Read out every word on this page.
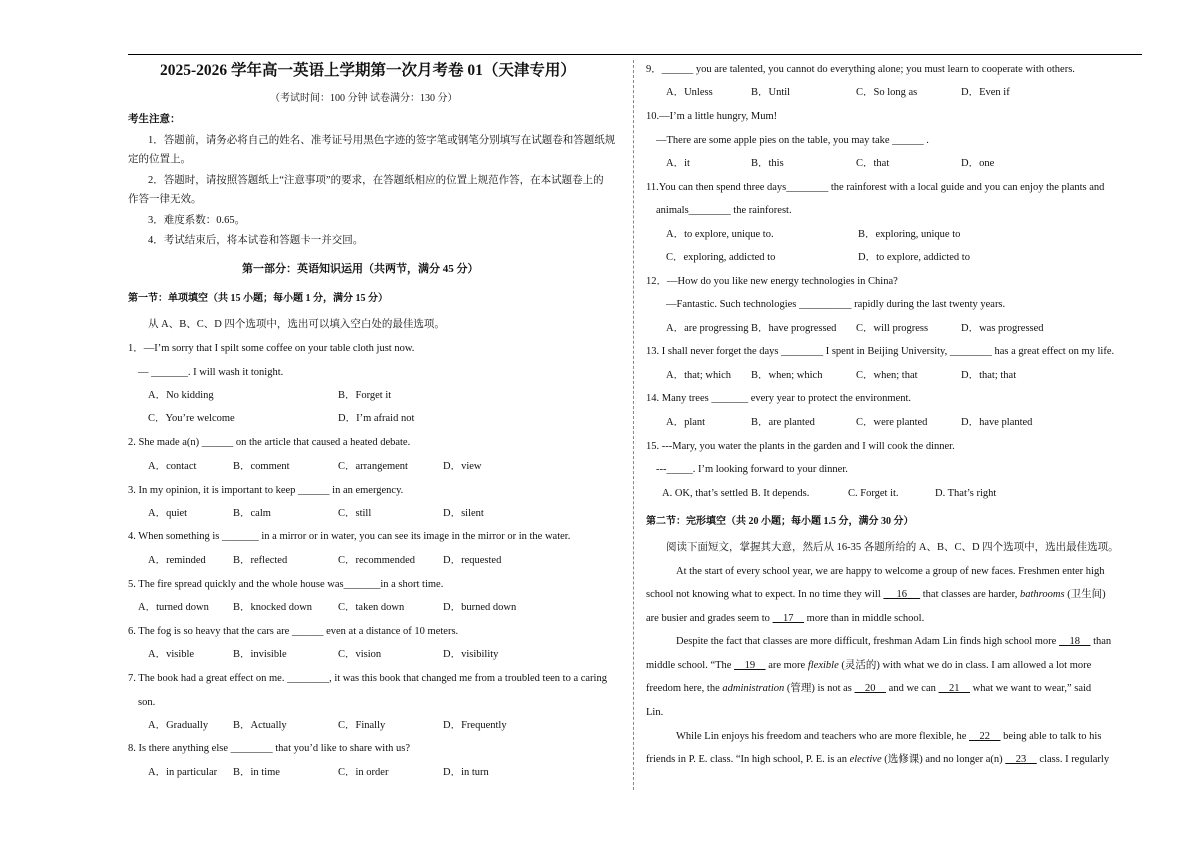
2025-2026 学年高一英语上学期第一次月考卷 01（天津专用）
（考试时间：100 分钟 试卷满分：130 分）
考生注意：
1．答题前，请务必将自己的姓名、准考证号用黑色字迹的签字笔或钢笔分别填写在试题卷和答题纸规
定的位置上。
2．答题时，请按照答题纸上“注意事项”的要求，在答题纸相应的位置上规范作答，在本试题卷上的
作答一律无效。
3．难度系数：0.65。
4．考试结束后，将本试卷和答题卡一并交回。
第一部分：英语知识运用（共两节，满分 45 分）
第一节：单项填空（共 15 小题；每小题 1 分，满分 15 分）
从 A、B、C、D 四个选项中，选出可以填入空白处的最佳选项。
1．—I’m sorry that I spilt some coffee on your table cloth just now.
— _______. I will wash it tonight.
A．No kidding	B．Forget it
C．You’re welcome	D．I’m afraid not
2. She made a(n) ______ on the article that caused a heated debate.
A．contact	B．comment	C．arrangement	D．view
3. In my opinion, it is important to keep ______ in an emergency.
A．quiet	B．calm	C．still	D．silent
4. When something is _______ in a mirror or in water, you can see its image in the mirror or in the water.
A．reminded	B．reflected	C．recommended	D．requested
5. The fire spread quickly and the whole house was_______in a short time.
A．turned down B．knocked down C．taken down	D．burned down
6. The fog is so heavy that the cars are ______ even at a distance of 10 meters.
A．visible	B．invisible	C．vision	D．visibility
7. The book had a great effect on me. ________, it was this book that changed me from a troubled teen to a caring
son.
A．Gradually B．Actually	C．Finally	D．Frequently
8. Is there anything else ________ that you’d like to share with us?
A．in particular B．in time	C．in order	D．in turn
9．______ you are talented, you cannot do everything alone; you must learn to cooperate with others.
A．Unless	B．Until	C．So long as	D．Even if
10.—I’m a little hungry, Mum!
—There are some apple pies on the table, you may take ______ .
A．it	B．this	C．that	D．one
11.You can then spend three days________ the rainforest with a local guide and you can enjoy the plants and
animals________ the rainforest.
A．to explore, unique to.	B．exploring, unique to
C．exploring, addicted to	D．to explore, addicted to
12．—How do you like new energy technologies in China?
—Fantastic. Such technologies __________ rapidly during the last twenty years.
A．are progressing B．have progressed C．will progress	D．was progressed
13. I shall never forget the days ________ I spent in Beijing University, ________ has a great effect on my life.
A．that; which B．when; which	C．when; that	D．that; that
14. Many trees _______ every year to protect the environment.
A．plant	B．are planted	C．were planted	D．have planted
15. ---Mary, you water the plants in the garden and I will cook the dinner.
---_____. I’m looking forward to your dinner.
A. OK, that’s settled B. It depends.	C. Forget it.	D. That’s right
第二节：完形填空（共 20 小题；每小题 1.5 分，满分 30 分）
阅读下面短文，掌握其大意，然后从 16-35 各题所给的 A、B、C、D 四个选项中，选出最佳选项。
At the start of every school year, we are happy to welcome a group of new faces. Freshmen enter high
school not knowing what to expect. In no time they will      16      that classes are harder, bathrooms (卫生间)
are busier and grades seem to     17     more than in middle school.
Despite the fact that classes are more difficult, freshman Adam Lin finds high school more     18     than
middle school. “The     19     are more flexible (灵活的) with what we do in class. I am allowed a lot more
freedom here, the administration (管理) is not as     20     and we can     21     what we want to wear,” said
Lin.
While Lin enjoys his freedom and teachers who are more flexible, he     22     being able to talk to his
friends in P. E. class. “In high school, P. E. is an elective (选修课) and no longer a(n)     23     class. I regularly
